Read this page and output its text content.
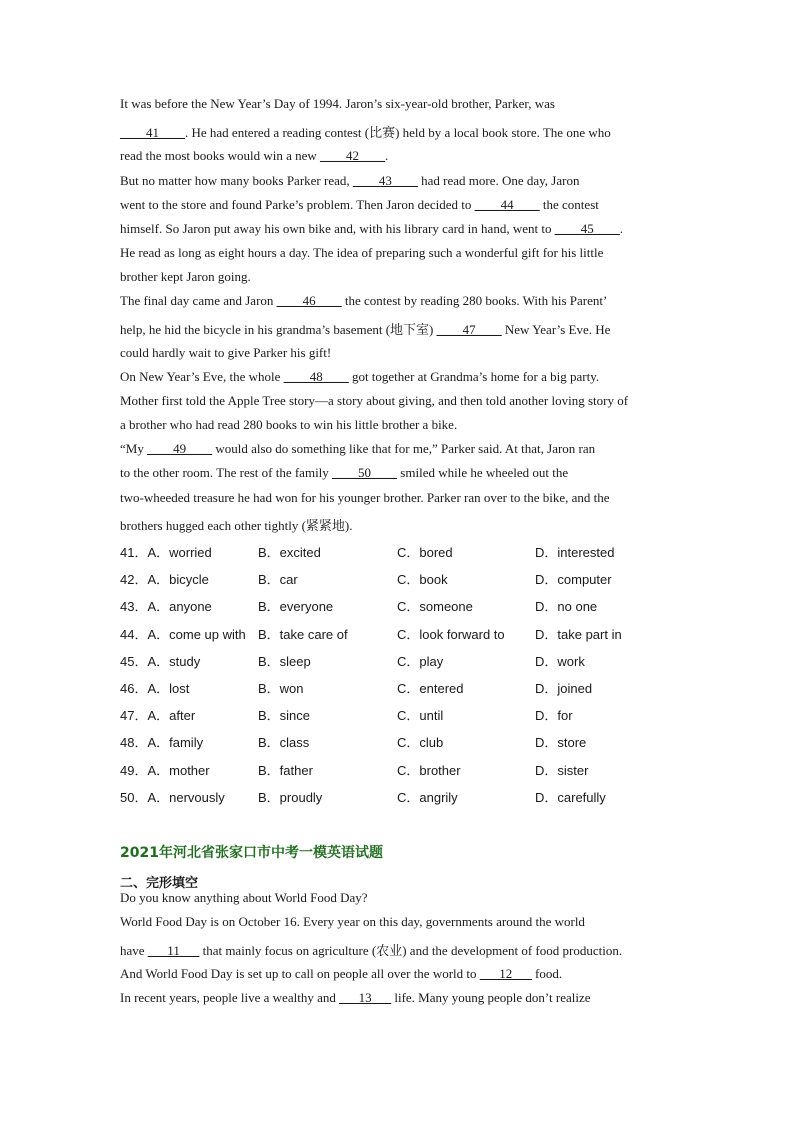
It was before the New Year’s Day of 1994. Jaron’s six-year-old brother, Parker, was
____41____. He had entered a reading contest (比赛) held by a local book store. The one who
read the most books would win a new ____42____.
But no matter how many books Parker read, ____43____ had read more. One day, Jaron
went to the store and found Parke’s problem. Then Jaron decided to ____44____ the contest
himself. So Jaron put away his own bike and, with his library card in hand, went to ____45____.
He read as long as eight hours a day. The idea of preparing such a wonderful gift for his little
brother kept Jaron going.
The final day came and Jaron ____46____ the contest by reading 280 books. With his Parent’
help, he hid the bicycle in his grandma’s basement (地下室) ____47____ New Year’s Eve. He
could hardly wait to give Parker his gift!
On New Year’s Eve, the whole ____48____ got together at Grandma’s home for a big party.
Mother first told the Apple Tree story—a story about giving, and then told another loving story of
a brother who had read 280 books to win his little brother a bike.
“My ____49____ would also do something like that for me,” Parker said. At that, Jaron ran
to the other room. The rest of the family ____50____ smiled while he wheeled out the
two-wheeded treasure he had won for his younger brother. Parker ran over to the bike, and the
brothers hugged each other tightly (紧紧地).
41．A．worried	B．excited	C．bored	D．interested
42．A．bicycle	B．car	C．book	D．computer
43．A．anyone	B．everyone	C．someone	D．no one
44．A．come up with B．take care of	C．look forward to D．take part in
45．A．study	B．sleep	C．play	D．work
46．A．lost	B．won	C．entered	D．joined
47．A．after	B．since	C．until	D．for
48．A．family	B．class	C．club	D．store
49．A．mother	B．father	C．brother	D．sister
50．A．nervously	B．proudly	C．angrily	D．carefully
2021年河北省张家口市中考一模英语试题
二、完形填空
Do you know anything about World Food Day?
World Food Day is on October 16. Every year on this day, governments around the world
have ___11___ that mainly focus on agriculture (农业) and the development of food production.
And World Food Day is set up to call on people all over the world to ___12___ food.
In recent years, people live a wealthy and ___13___ life. Many young people don’t realize
